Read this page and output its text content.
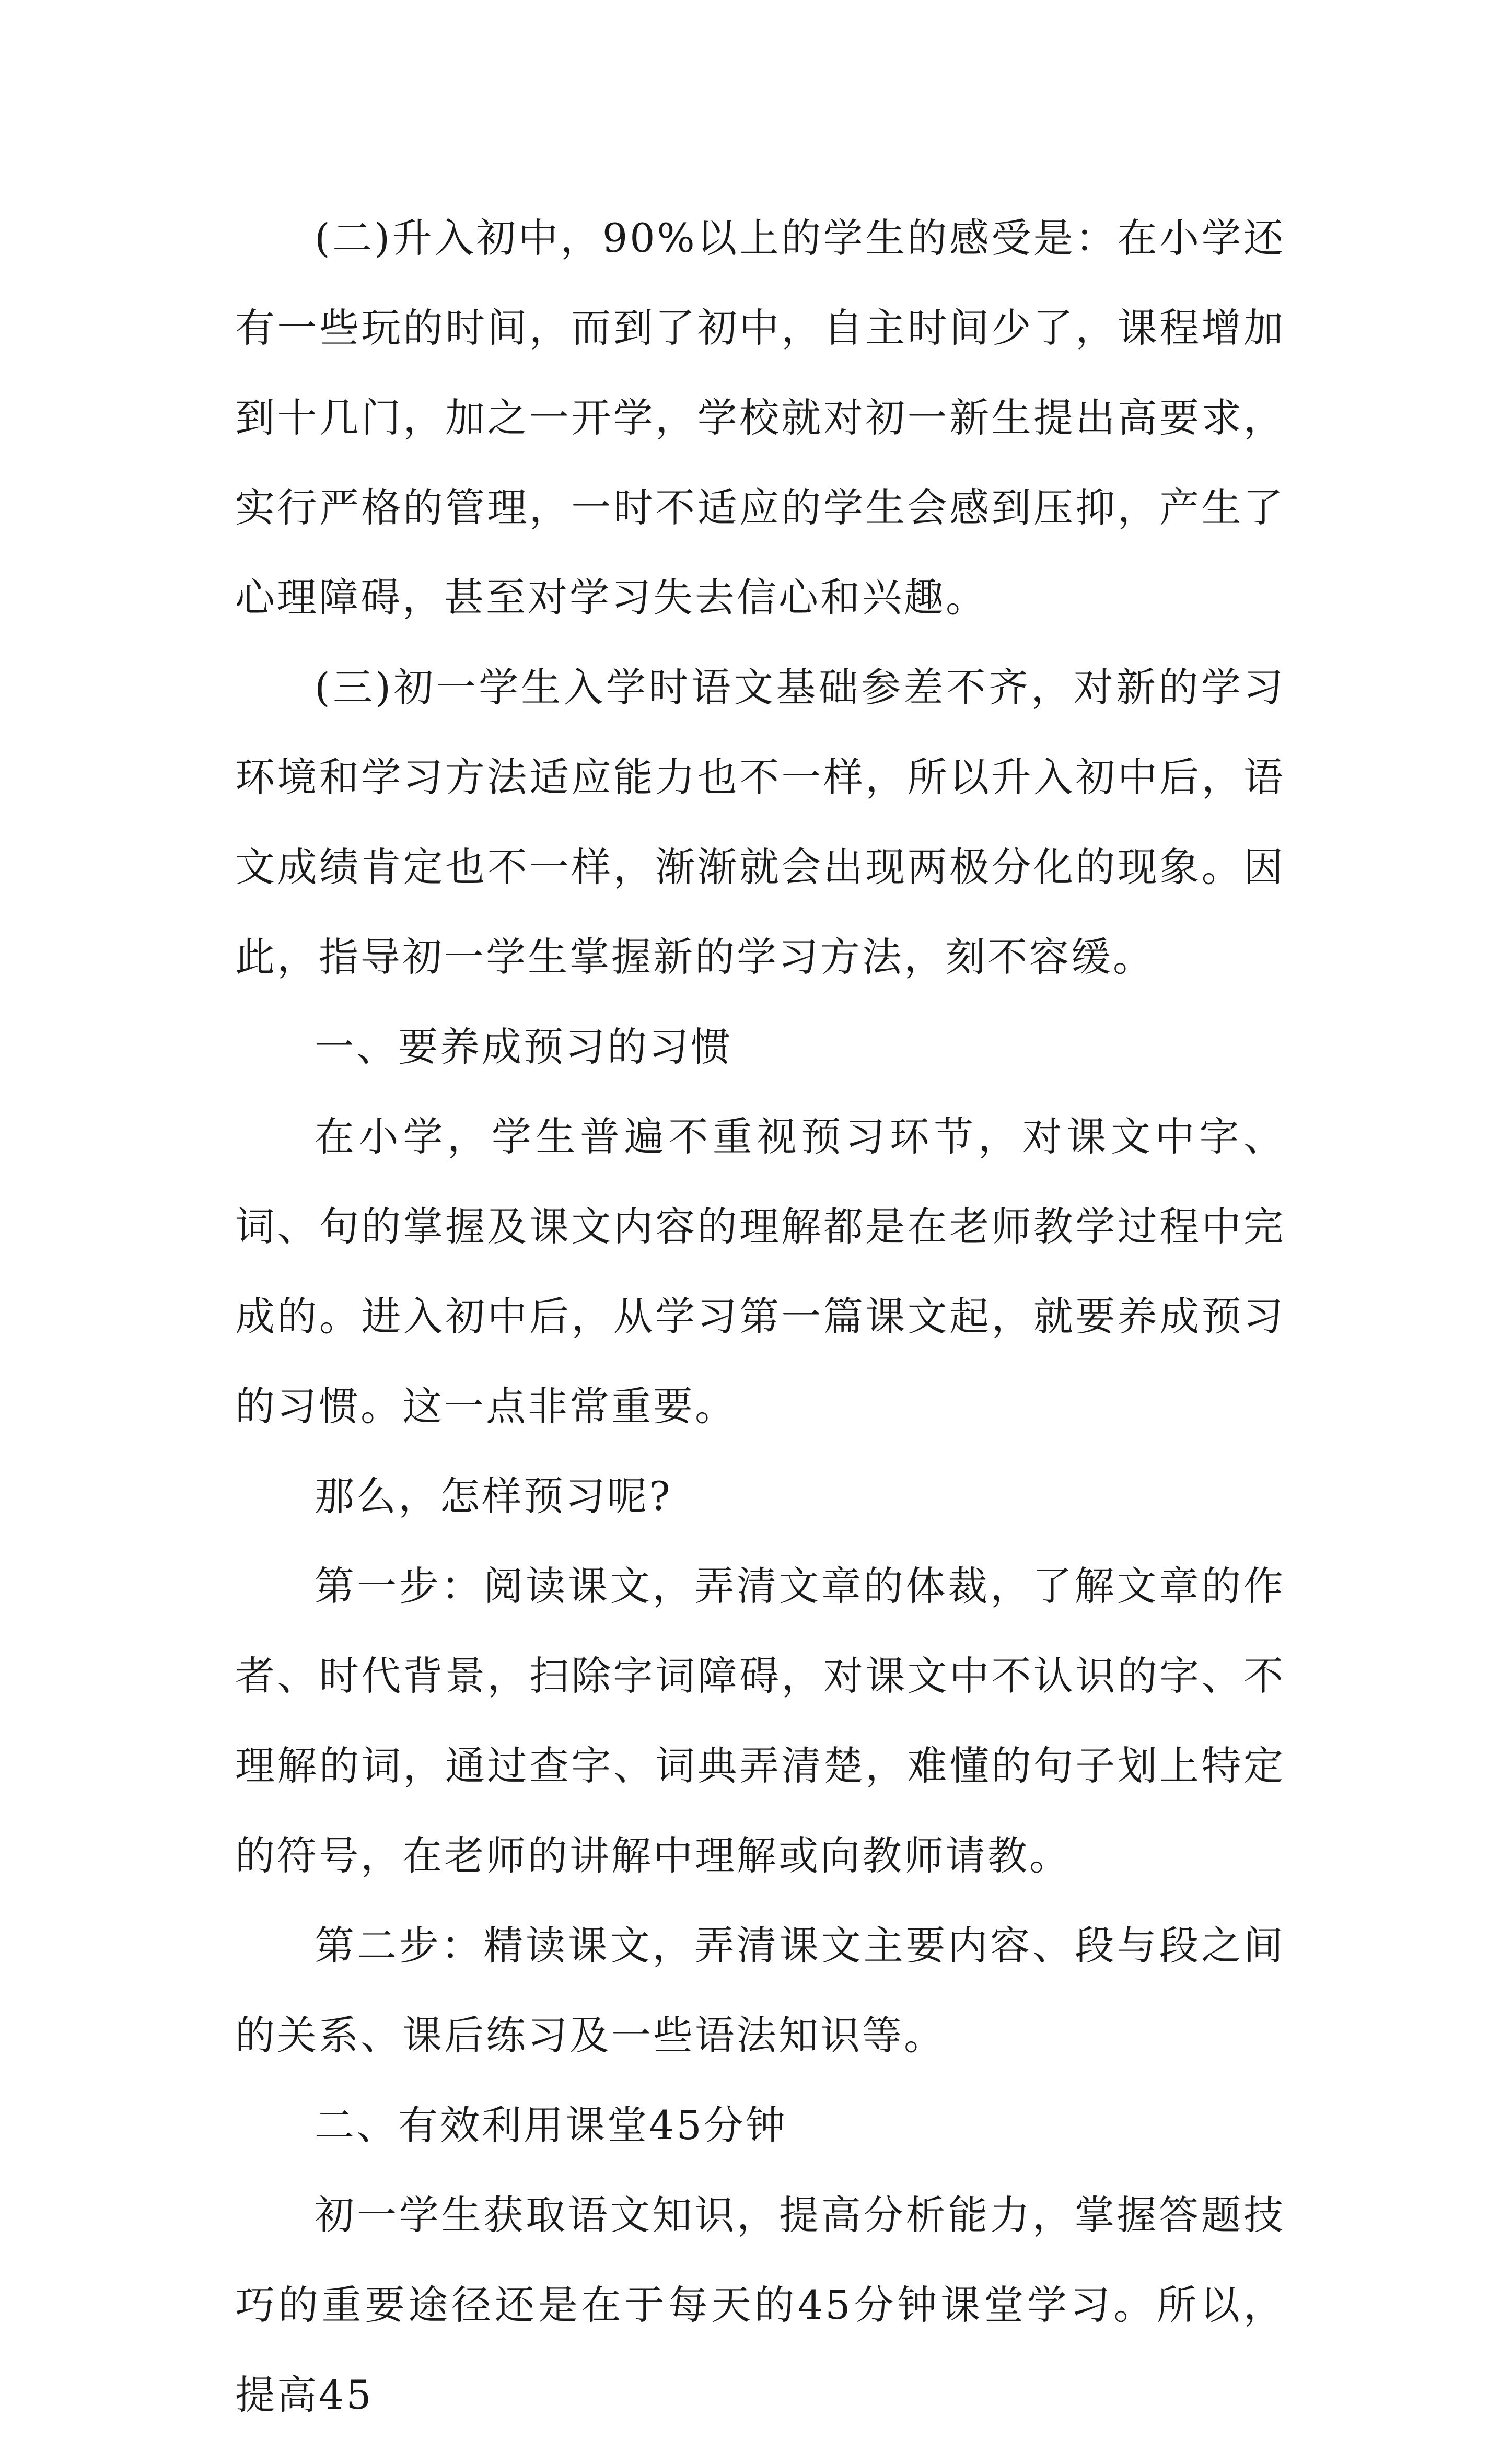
(二)升入初中，90%以上的学生的感受是：在小学还有一些玩的时间，而到了初中，自主时间少了，课程增加到十几门，加之一开学，学校就对初一新生提出高要求，实行严格的管理，一时不适应的学生会感到压抑，产生了心理障碍，甚至对学习失去信心和兴趣。

(三)初一学生入学时语文基础参差不齐，对新的学习环境和学习方法适应能力也不一样，所以升入初中后，语文成绩肯定也不一样，渐渐就会出现两极分化的现象。因此，指导初一学生掌握新的学习方法，刻不容缓。

一、要养成预习的习惯

在小学，学生普遍不重视预习环节，对课文中字、词、句的掌握及课文内容的理解都是在老师教学过程中完成的。进入初中后，从学习第一篇课文起，就要养成预习的习惯。这一点非常重要。

那么，怎样预习呢?

第一步：阅读课文，弄清文章的体裁，了解文章的作者、时代背景，扫除字词障碍，对课文中不认识的字、不理解的词，通过查字、词典弄清楚，难懂的句子划上特定的符号，在老师的讲解中理解或向教师请教。

第二步：精读课文，弄清课文主要内容、段与段之间的关系、课后练习及一些语法知识等。

二、有效利用课堂45分钟

初一学生获取语文知识，提高分析能力，掌握答题技巧的重要途径还是在于每天的45分钟课堂学习。所以，提高45
